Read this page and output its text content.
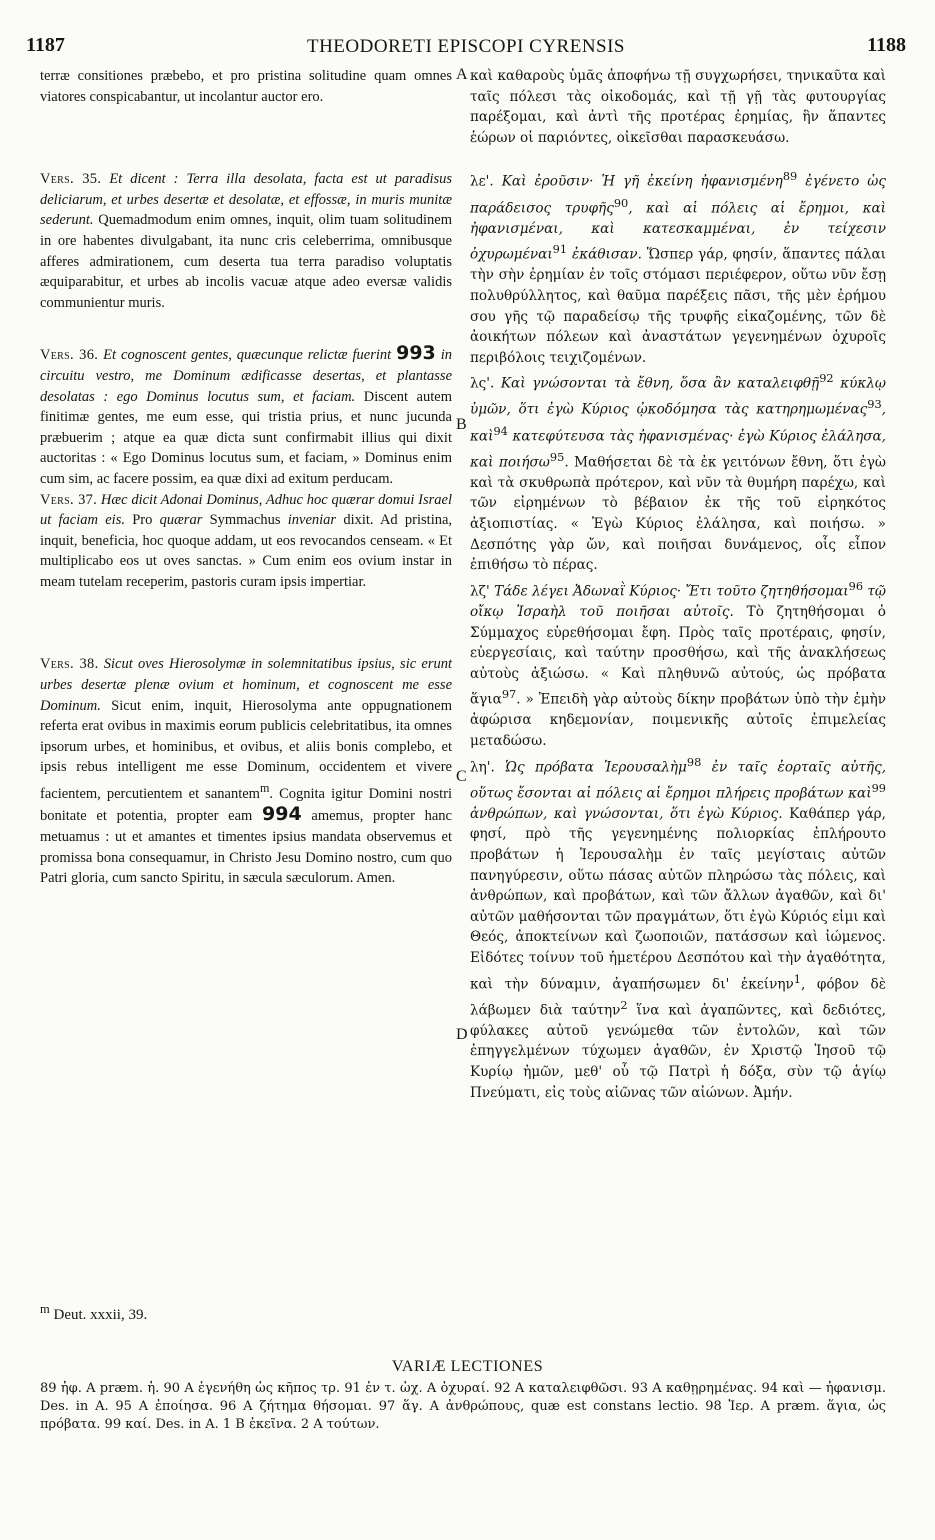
1187	THEODORETI EPISCOPI CYRENSIS	1188
A
B
C
D

terræ consitiones præbebo, et pro pristina solitudine quam omnes viatores conspicabantur, ut incolantur auctor ero.

Vers. 35. Et dicent : Terra illa desolata, facta est ut paradisus deliciarum, et urbes desertæ et desolatæ, et effossæ, in muris munitæ sederunt. Quemadmodum enim omnes, inquit, olim tuam solitudinem in ore habentes divulgabant, ita nunc cris celeberrima, omnibusque afferes admirationem, cum deserta tua terra paradiso voluptatis æquiparabitur, et urbes ab incolis vacuæ atque adeo eversæ validis communientur muris.

Vers. 36. Et cognoscent gentes, quæcunque relictæ fuerint 993 in circuitu vestro, me Dominum ædificasse desertas, et plantasse desolatas : ego Dominus locutus sum, et faciam. Discent autem finitimæ gentes, me eum esse, qui tristia prius, et nunc jucunda præbuerim ; atque ea quæ dicta sunt confirmabit illius qui dixit auctoritas : « Ego Dominus locutus sum, et faciam, » Dominus enim cum sim, ac facere possim, ea quæ dixi ad exitum perducam.

Vers. 37. Hæc dicit Adonai Dominus, Adhuc hoc quærar domui Israel ut faciam eis. Pro quærar Symmachus inveniar dixit. Ad pristina, inquit, beneficia, hoc quoque addam, ut eos revocandos censeam. « Et multiplicabo eos ut oves sanctas. » Cum enim eos ovium instar in meam tutelam receperim, pastoris curam ipsis impertiar.

Vers. 38. Sicut oves Hierosolymæ in solemnitatibus ipsius, sic erunt urbes desertæ plenæ ovium et hominum, et cognoscent me esse Dominum. Sicut enim, inquit, Hierosolyma ante oppugnationem referta erat ovibus in maximis eorum publicis celebritatibus, ita omnes ipsorum urbes, et hominibus, et ovibus, et aliis bonis complebo, et ipsis rebus intelligent me esse Dominum, occidentem et vivere facientem, percutientem et sanantem$^m$. Cognita igitur Domini nostri bonitate et potentia, propter eam 994 amemus, propter hanc metuamus : ut et amantes et timentes ipsius mandata observemus et promissa bona consequamur, in Christo Jesu Domino nostro, cum quo Patri gloria, cum sancto Spiritu, in sæcula sæculorum. Amen.

καὶ καθαροὺς ὑμᾶς ἀποφήνω τῇ συγχωρήσει, τηνικαῦτα καὶ ταῖς πόλεσι τὰς οἰκοδομάς, καὶ τῇ γῇ τὰς φυτουργίας παρέξομαι, καὶ ἀντὶ τῆς προτέρας ἐρημίας, ἣν ἅπαντες ἑώρων οἱ παριόντες, οἰκεῖσθαι παρασκευάσω.

λε'. Καὶ ἐροῦσιν· Ἡ γῆ ἐκείνη ἠφανισμένη$^{89}$ ἐγένετο ὡς παράδεισος τρυφῆς$^{90}$, καὶ αἱ πόλεις αἱ ἔρημοι, καὶ ἠφανισμέναι, καὶ κατεσκαμμέναι, ἐν τείχεσιν ὀχυρωμέναι$^{91}$ ἐκάθισαν. Ὥσπερ γάρ, φησίν, ἅπαντες πάλαι τὴν σὴν ἐρημίαν ἐν τοῖς στόμασι περιέφερον, οὕτω νῦν ἔσῃ πολυθρύλλητος, καὶ θαῦμα παρέξεις πᾶσι, τῆς μὲν ἐρήμου σου γῆς τῷ παραδείσῳ τῆς τρυφῆς εἰκαζομένης, τῶν δὲ ἀοικήτων πόλεων καὶ ἀναστάτων γεγενημένων ὀχυροῖς περιβόλοις τειχιζομένων.

λς'. Καὶ γνώσονται τὰ ἔθνη, ὅσα ἂν καταλειφθῇ$^{92}$ κύκλῳ ὑμῶν, ὅτι ἐγὼ Κύριος ᾠκοδόμησα τὰς κατηρημωμένας$^{93}$, καὶ$^{94}$ κατεφύτευσα τὰς ἠφανισμένας· ἐγὼ Κύριος ἐλάλησα, καὶ ποιήσω$^{95}$. Μαθήσεται δὲ τὰ ἐκ γειτόνων ἔθνη, ὅτι ἐγὼ καὶ τὰ σκυθρωπὰ πρότερον, καὶ νῦν τὰ θυμήρη παρέχω, καὶ τῶν εἰρημένων τὸ βέβαιον ἐκ τῆς τοῦ εἰρηκότος ἀξιοπιστίας. « Ἐγὼ Κύριος ἐλάλησα, καὶ ποιήσω. » Δεσπότης γὰρ ὤν, καὶ ποιῆσαι δυνάμενος, οἷς εἶπον ἐπιθήσω τὸ πέρας.

λζ' Τάδε λέγει Ἀδωναῒ Κύριος· Ἔτι τοῦτο ζητηθήσομαι$^{96}$ τῷ οἴκῳ Ἰσραὴλ τοῦ ποιῆσαι αὐτοῖς. Τὸ ζητηθήσομαι ὁ Σύμμαχος εὑρεθήσομαι ἔφη. Πρὸς ταῖς προτέραις, φησίν, εὐεργεσίαις, καὶ ταύτην προσθήσω, καὶ τῆς ἀνακλήσεως αὐτοὺς ἀξιώσω. « Καὶ πληθυνῶ αὐτούς, ὡς πρόβατα ἅγια$^{97}$. » Ἐπειδὴ γὰρ αὐτοὺς δίκην προβάτων ὑπὸ τὴν ἐμὴν ἀφώρισα κηδεμονίαν, ποιμενικῆς αὐτοῖς ἐπιμελείας μεταδώσω.

λη'. Ὡς πρόβατα Ἱερουσαλὴμ$^{98}$ ἐν ταῖς ἑορταῖς αὐτῆς, οὕτως ἔσονται αἱ πόλεις αἱ ἔρημοι πλήρεις προβάτων καὶ$^{99}$ ἀνθρώπων, καὶ γνώσονται, ὅτι ἐγὼ Κύριος. Καθάπερ γάρ, φησί, πρὸ τῆς γεγενημένης πολιορκίας ἐπλήρουτο προβάτων ἡ Ἱερουσαλὴμ ἐν ταῖς μεγίσταις αὐτῶν πανηγύρεσιν, οὕτω πάσας αὐτῶν πληρώσω τὰς πόλεις, καὶ ἀνθρώπων, καὶ προβάτων, καὶ τῶν ἄλλων ἀγαθῶν, καὶ δι' αὐτῶν μαθήσονται τῶν πραγμάτων, ὅτι ἐγὼ Κύριός εἰμι καὶ Θεός, ἀποκτείνων καὶ ζωοποιῶν, πατάσσων καὶ ἰώμενος. Εἰδότες τοίνυν τοῦ ἡμετέρου Δεσπότου καὶ τὴν ἀγαθότητα, καὶ τὴν δύναμιν, ἀγαπήσωμεν δι' ἐκείνην$^1$, φόβον δὲ λάβωμεν διὰ ταύτην$^2$ ἵνα καὶ ἀγαπῶντες, καὶ δεδιότες, φύλακες αὐτοῦ γενώμεθα τῶν ἐντολῶν, καὶ τῶν ἐπηγγελμένων τύχωμεν ἀγαθῶν, ἐν Χριστῷ Ἰησοῦ τῷ Κυρίῳ ἡμῶν, μεθ' οὗ τῷ Πατρὶ ἡ δόξα, σὺν τῷ ἁγίῳ Πνεύματι, εἰς τοὺς αἰῶνας τῶν αἰώνων. Ἀμήν.

$^m$ Deut. xxxii, 39.
VARIÆ LECTIONES
89 ἠφ. A præm. ἡ. 90 A ἐγενήθη ὡς κῆπος τρ. 91 ἐν τ. ὠχ. A ὀχυραί. 92 A καταλειφθῶσι. 93 A καθῃρημένας. 94 καὶ — ἠφανισμ. Des. in A. 95 A ἐποίησα. 96 A ζήτημα θήσομαι. 97 ἅγ. A ἀνθρώπους, quæ est constans lectio. 98 Ἱερ. A præm. ἅγια, ὡς πρόβατα. 99 καί. Des. in A. 1 B ἐκεῖνα. 2 A τούτων.
